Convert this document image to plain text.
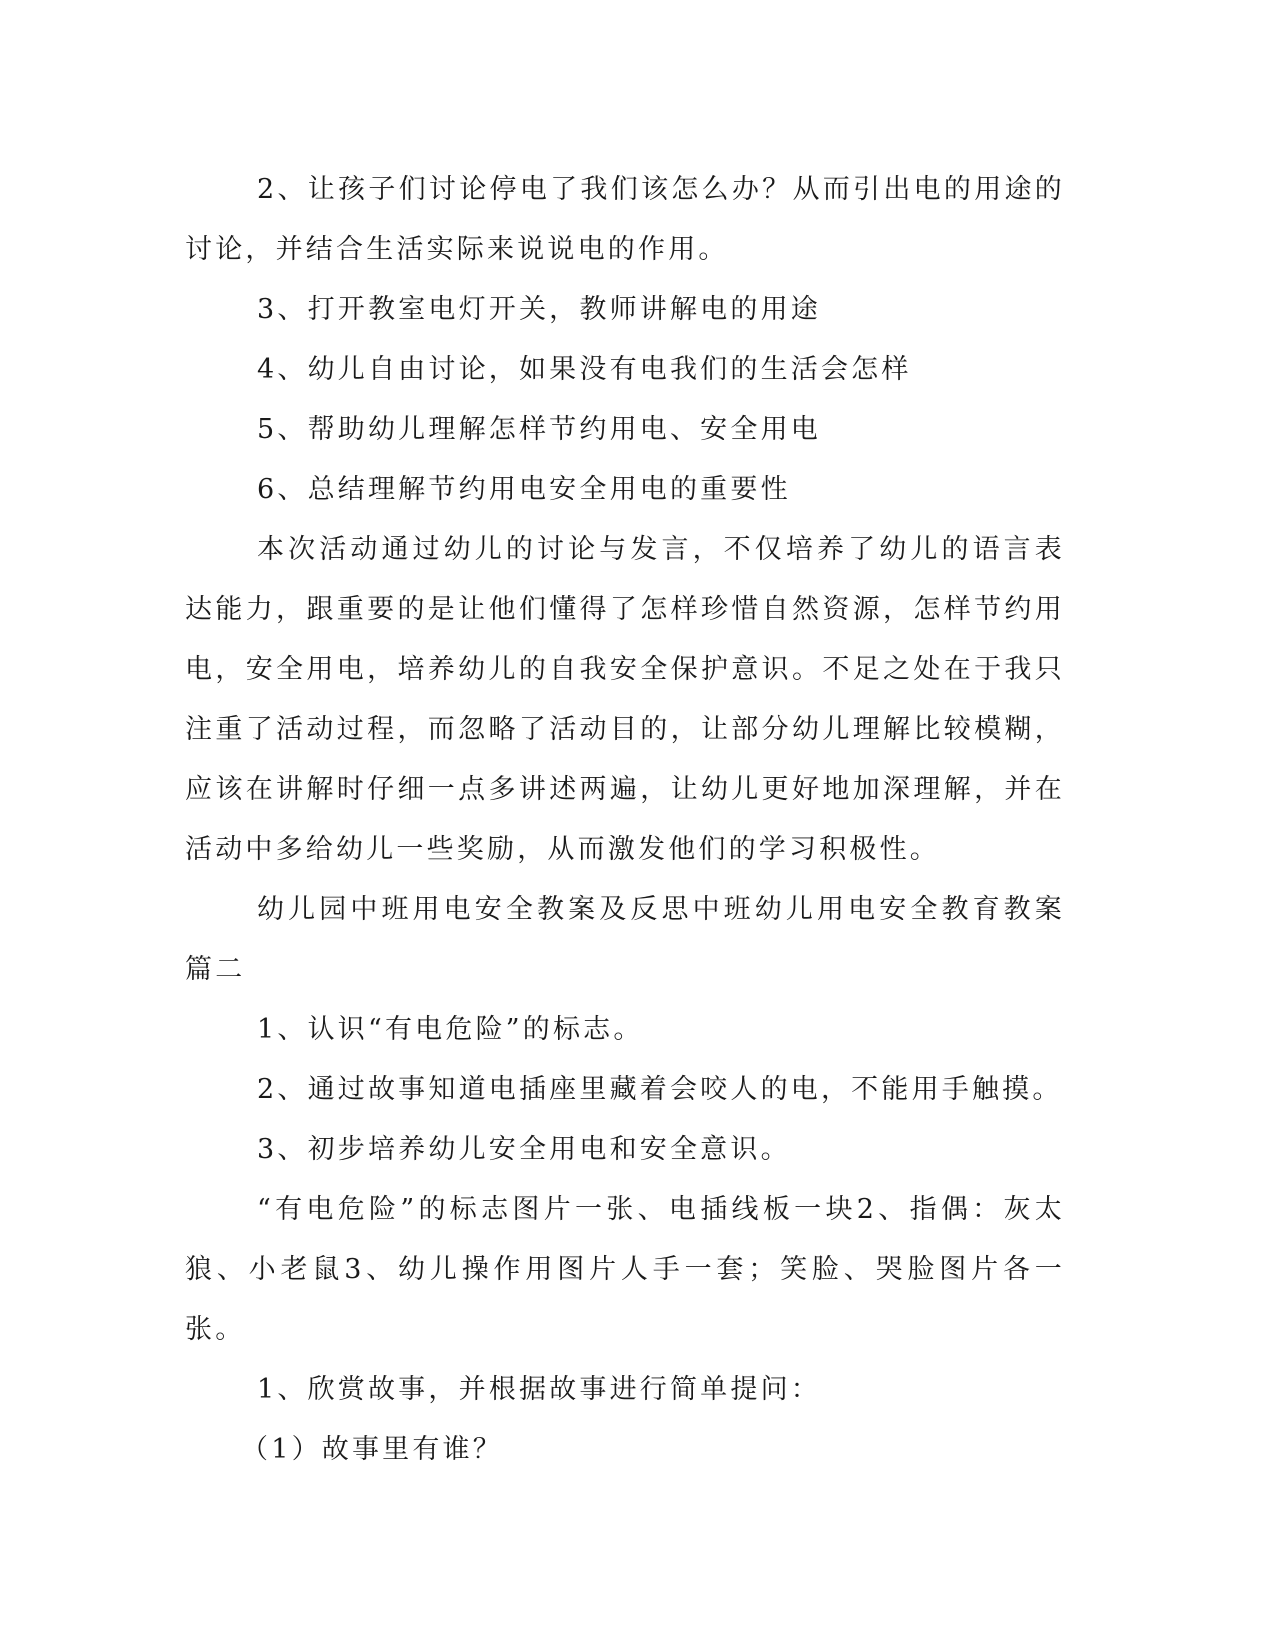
2、让孩子们讨论停电了我们该怎么办？从而引出电的用途的讨论，并结合生活实际来说说电的作用。

3、打开教室电灯开关，教师讲解电的用途

4、幼儿自由讨论，如果没有电我们的生活会怎样

5、帮助幼儿理解怎样节约用电、安全用电

6、总结理解节约用电安全用电的重要性

本次活动通过幼儿的讨论与发言，不仅培养了幼儿的语言表达能力，跟重要的是让他们懂得了怎样珍惜自然资源，怎样节约用电，安全用电，培养幼儿的自我安全保护意识。不足之处在于我只注重了活动过程，而忽略了活动目的，让部分幼儿理解比较模糊，应该在讲解时仔细一点多讲述两遍，让幼儿更好地加深理解，并在活动中多给幼儿一些奖励，从而激发他们的学习积极性。

幼儿园中班用电安全教案及反思中班幼儿用电安全教育教案篇二

1、认识“有电危险”的标志。

2、通过故事知道电插座里藏着会咬人的电，不能用手触摸。

3、初步培养幼儿安全用电和安全意识。

“有电危险”的标志图片一张、电插线板一块2、指偶：灰太狼、小老鼠3、幼儿操作用图片人手一套；笑脸、哭脸图片各一张。

1、欣赏故事，并根据故事进行简单提问：

（1）故事里有谁？
